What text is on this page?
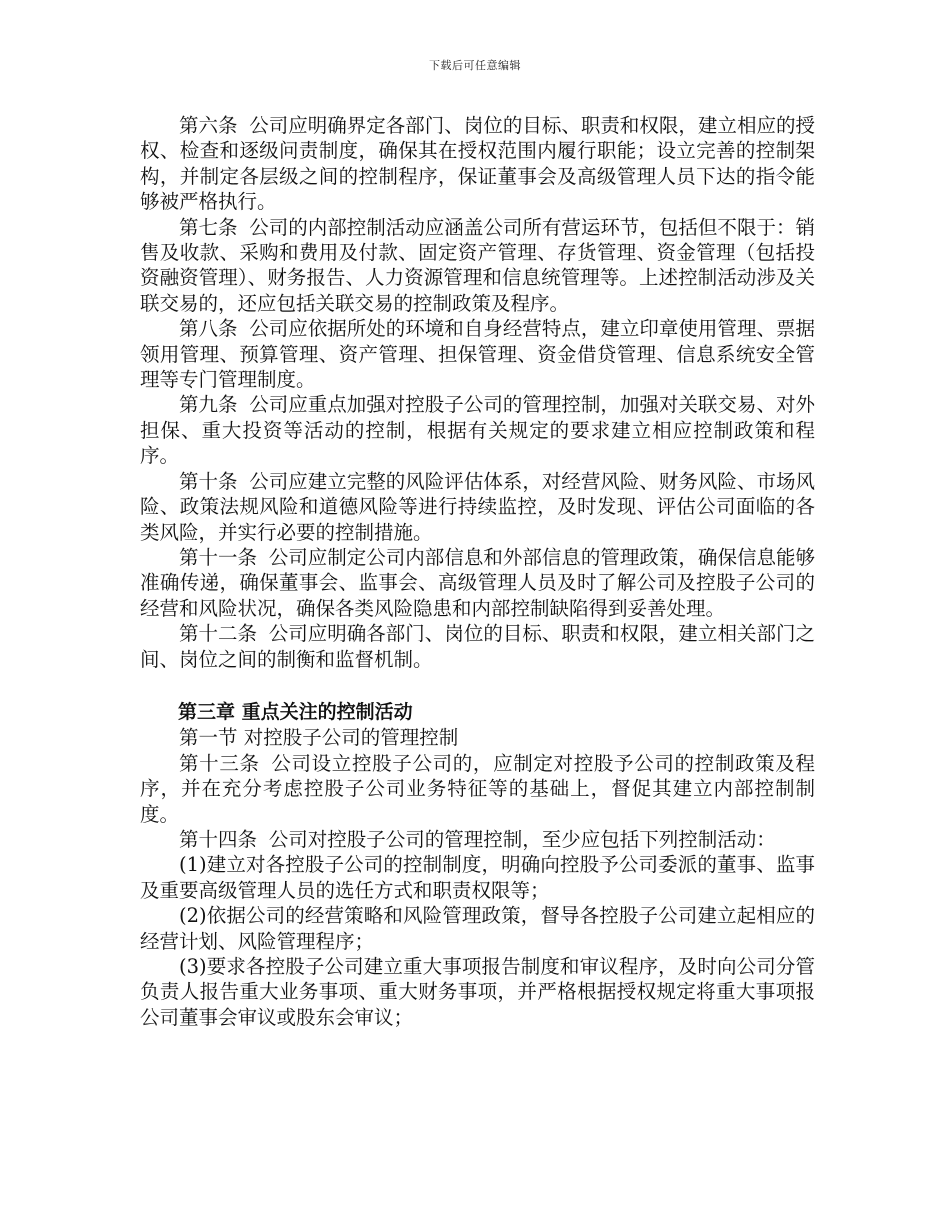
下载后可任意编辑

第六条 公司应明确界定各部门、岗位的目标、职责和权限，建立相应的授权、检查和逐级问责制度，确保其在授权范围内履行职能；设立完善的控制架构，并制定各层级之间的控制程序，保证董事会及高级管理人员下达的指令能够被严格执行。

第七条 公司的内部控制活动应涵盖公司所有营运环节，包括但不限于：销售及收款、采购和费用及付款、固定资产管理、存货管理、资金管理（包括投资融资管理）、财务报告、人力资源管理和信息统管理等。上述控制活动涉及关联交易的，还应包括关联交易的控制政策及程序。

第八条 公司应依据所处的环境和自身经营特点，建立印章使用管理、票据领用管理、预算管理、资产管理、担保管理、资金借贷管理、信息系统安全管理等专门管理制度。

第九条 公司应重点加强对控股子公司的管理控制，加强对关联交易、对外担保、重大投资等活动的控制，根据有关规定的要求建立相应控制政策和程序。

第十条 公司应建立完整的风险评估体系，对经营风险、财务风险、市场风险、政策法规风险和道德风险等进行持续监控，及时发现、评估公司面临的各类风险，并实行必要的控制措施。

第十一条 公司应制定公司内部信息和外部信息的管理政策，确保信息能够准确传递，确保董事会、监事会、高级管理人员及时了解公司及控股子公司的经营和风险状况，确保各类风险隐患和内部控制缺陷得到妥善处理。

第十二条 公司应明确各部门、岗位的目标、职责和权限，建立相关部门之间、岗位之间的制衡和监督机制。

第三章 重点关注的控制活动

第一节 对控股子公司的管理控制

第十三条 公司设立控股子公司的，应制定对控股予公司的控制政策及程序，并在充分考虑控股子公司业务特征等的基础上，督促其建立内部控制制度。

第十四条 公司对控股子公司的管理控制，至少应包括下列控制活动：

(1)建立对各控股子公司的控制制度，明确向控股予公司委派的董事、监事及重要高级管理人员的选任方式和职责权限等；

(2)依据公司的经营策略和风险管理政策，督导各控股子公司建立起相应的经营计划、风险管理程序；

(3)要求各控股子公司建立重大事项报告制度和审议程序，及时向公司分管负责人报告重大业务事项、重大财务事项，并严格根据授权规定将重大事项报公司董事会审议或股东会审议；
